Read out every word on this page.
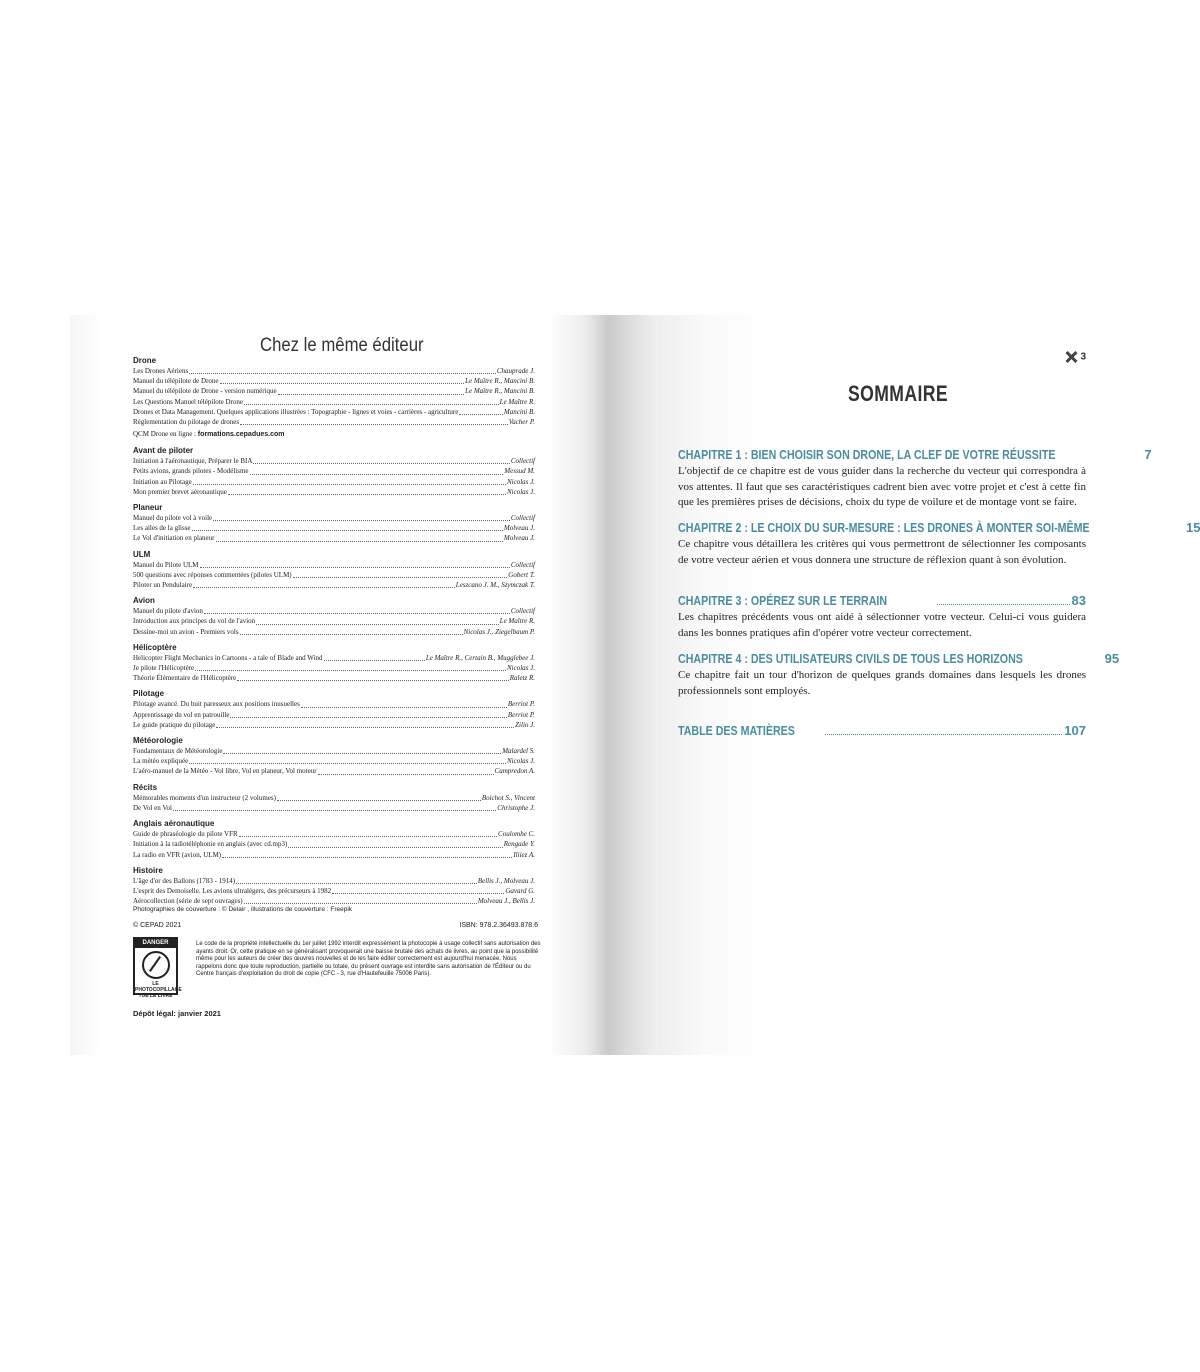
Chez le même éditeur
Drone
Les Drones Aériens	Chauprade J.
Manuel du télépilote de Drone	Le Maître R., Mancini B.
Manuel du télépilote de Drone - version numérique	Le Maître R., Mancini B.
Les Questions Manuel télépilote Drone	Le Maître R.
Drones et Data Management. Quelques applications illustrées : Topographie - lignes et voies - carrières - agriculture	Mancini B.
Réglementation du pilotage de drones	Vacher P.
QCM Drone en ligne : formations.cepadues.com
Avant de piloter
Initiation à l'aéronautique, Préparer le BIA	Collectif
Petits avions, grands pilotes - Modélisme	Messud M.
Initiation au Pilotage	Nicolas J.
Mon premier brevet aéronautique	Nicolas J.
Planeur
Manuel du pilote vol à voile	Collectif
Les ailes de la glisse	Molveau J.
Le Vol d'initiation en planeur	Molveau J.
ULM
Manuel du Pilote ULM	Collectif
500 questions avec réponses commentées (pilotes ULM)	Gobert T.
Piloter un Pendulaire	Leszcano J. M., Szymczak T.
Avion
Manuel du pilote d'avion	Collectif
Introduction aux principes du vol de l'avion	Le Maître R.
Dessine-moi un avion - Premiers vols	Nicolas J., Ziegelbaum P.
Hélicoptère
Helicopter Flight Mechanics in Cartoons - a tale of Blade and Wind	Le Maître R., Certain B., Mugglebee J.
Je pilote l'Hélicoptère	Nicolas J.
Théorie Élémentaire de l'Hélicoptère	Raletz R.
Pilotage
Pilotage avancé. Du buit paresseux aux positions inusuelles	Berriot P.
Apprentissage du vol en patrouille	Berriot P.
Le guide pratique du pilotage	Zilio J.
Météorologie
Fondamentaux de Météorologie	Malardel S.
La météo expliquée	Nicolas J.
L'aéro-manuel de la Météo - Vol libre, Vol en planeur, Vol moteur	Campredon A.
Récits
Mémorables moments d'un instructeur (2 volumes)	Boichot S., Vincent
De Vol en Vol	Christophe J.
Anglais aéronautique
Guide de phraséologie du pilote VFR	Coulombe C.
Initiation à la radiotéléphonie en anglais (avec cd.mp3)	Rengade Y.
La radio en VFR (avion, ULM)	Iliiez A.
Histoire
L'âge d'or des Ballons (1783 - 1914)	Bellis J., Molveau J.
L'esprit des Demoiselle. Les avions ultralégers, des précurseurs à 1982	Gavard G.
Aérocollection (série de sept ouvrages)	Molveau J., Bellis J.
Photographies de couverture : © Delair , illustrations de couverture : Freepik
© CEPAD 2021	ISBN: 978.2.36493.878.6
DANGER
LE PHOTOCOPILLAGE TUE LE LIVRE
Le code de la propriété intellectuelle du 1er juillet 1992 interdit expressément la photocopie à usage collectif sans autorisation des ayants droit. Or, cette pratique en se généralisant provoquerait une baisse brutale des achats de livres, au point que la possibilité même pour les auteurs de créer des œuvres nouvelles et de les faire éditer correctement est aujourd'hui menacée. Nous rappelons donc que toute reproduction, partielle ou totale, du présent ouvrage est interdite sans autorisation de l'Éditeur ou du Centre français d'exploitation du droit de copie (CFC - 3, rue d'Hautefeuille 75006 Paris).
Dépôt légal: janvier 2021
3
SOMMAIRE
CHAPITRE 1 : BIEN CHOISIR SON DRONE, LA CLEF DE VOTRE RÉUSSITE	7
L'objectif de ce chapitre est de vous guider dans la recherche du vecteur qui correspondra à vos attentes. Il faut que ses caractéristiques cadrent bien avec votre projet et c'est à cette fin que les premières prises de décisions, choix du type de voilure et de montage vont se faire.
CHAPITRE 2 : LE CHOIX DU SUR-MESURE : LES DRONES À MONTER SOI-MÊME	15
Ce chapitre vous détaillera les critères qui vous permettront de sélectionner les composants de votre vecteur aérien et vous donnera une structure de réflexion quant à son évolution.
CHAPITRE 3 : OPÉREZ SUR LE TERRAIN	83
Les chapitres précédents vous ont aidé à sélectionner votre vecteur. Celui-ci vous guidera dans les bonnes pratiques afin d'opérer votre vecteur correctement.
CHAPITRE 4 : DES UTILISATEURS CIVILS DE TOUS LES HORIZONS	95
Ce chapitre fait un tour d'horizon de quelques grands domaines dans lesquels les drones professionnels sont employés.
TABLE DES MATIÈRES	107
